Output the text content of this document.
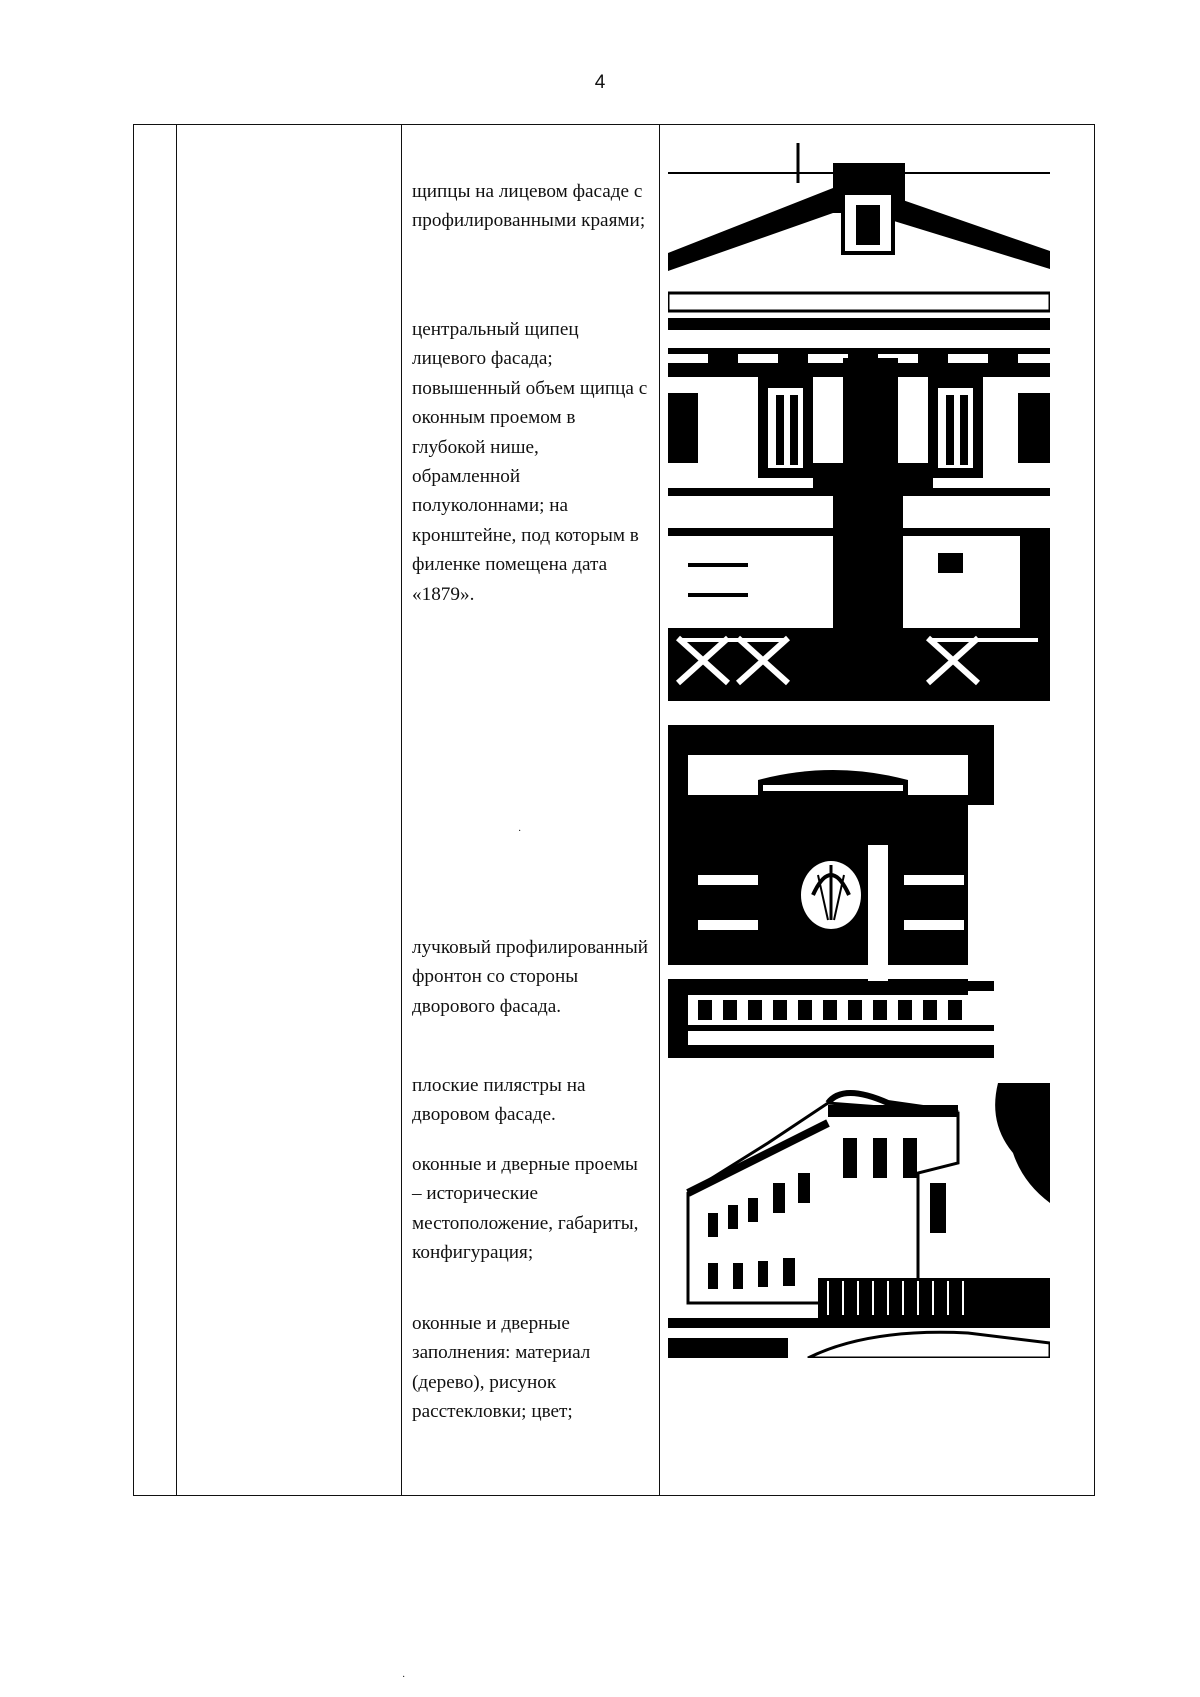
4
щипцы на лицевом фасаде с профилированными краями;
центральный щипец лицевого фасада; повышенный объем щипца с оконным проемом в глубокой нише, обрамленной полуколоннами; на кронштейне, под которым в филенке помещена дата «1879».
лучковый профилированный фронтон со стороны дворового фасада.
плоские пилястры на дворовом фасаде.
оконные и дверные проемы – исторические местоположение, габариты, конфигурация;
оконные и дверные заполнения: материал (дерево), рисунок расстекловки; цвет;
·
·
